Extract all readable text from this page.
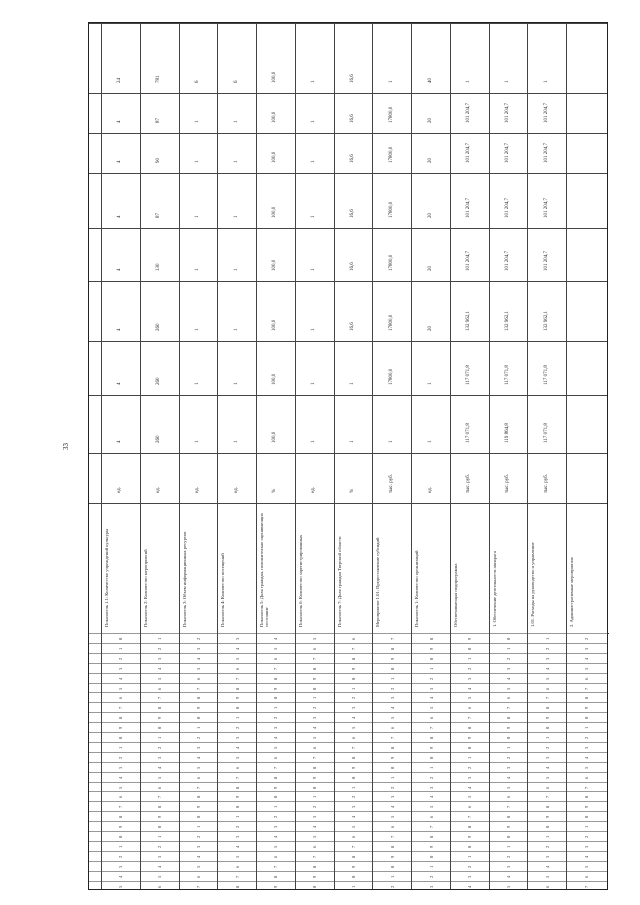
33
24
4
4
4
4
4
4
4
ед.
Показатель 1.1: Количество учреждений культуры
0
1
2
3
4
5
6
7
8
9
0
1
2
3
4
5
6
7
8
9
0
1
2
3
4
5
781
87
90
87
130
260
260
260
ед.
Показатель 2: Количество мероприятий
1
2
3
4
5
6
7
8
9
0
1
2
3
4
5
6
7
8
9
0
1
2
3
4
5
6
6
1
1
1
1
1
1
1
ед.
Показатель 3: Объем информационных ресурсов
2
3
4
5
6
7
8
9
0
1
2
3
4
5
6
7
8
9
0
1
2
3
4
5
6
7
6
1
1
1
1
1
1
1
ед.
Показатель 4: Количество посещений
3
4
5
6
7
8
9
0
1
2
3
4
5
6
7
8
9
0
1
2
3
4
5
6
7
8
100,0
100,0
100,0
100,0
100,0
100,0
100,0
100,0
%
Показатель 5: Доля граждан, положительно оценивающих состояние
4
5
6
7
8
9
0
1
2
3
4
5
6
7
8
9
0
1
2
3
4
5
6
7
8
9
1
1
1
1
1
1
1
1
ед.
Показатель 6: Количество зарегистрированных
5
6
7
8
9
0
1
2
3
4
5
6
7
8
9
0
1
2
3
4
5
6
7
8
9
0
16,6
16,6
16,6
16,6
16,6
16,6
1
1
%
Показатель 7: Доля граждан Тверской области
6
7
8
9
0
1
2
3
4
5
6
7
8
9
0
1
2
3
4
5
6
7
8
9
0
1
1
17800,0
17800,0
17800,0
17800,0
17800,0
17800,0
1
тыс. руб.
Мероприятие 1.01: Предоставление субсидий
7
8
9
0
1
2
3
4
5
6
7
8
9
0
1
2
3
4
5
6
7
8
9
0
1
2
40
20
20
20
20
20
1
1
ед.
Показатель 1: Количество организаций
8
9
0
1
2
3
4
5
6
7
8
9
0
1
2
3
4
5
6
7
8
9
0
1
2
3
1
101 204,7
101 204,7
101 204,7
101 204,7
132 962,1
117 071,8
117 071,8
тыс. руб.
Обеспечивающая подпрограмма
9
0
1
2
3
4
5
6
7
8
9
0
1
2
3
4
5
6
7
8
9
0
1
2
3
4
1
101 204,7
101 204,7
101 204,7
101 204,7
132 962,1
117 071,8
119 864,8
тыс. руб.
1. Обеспечение деятельности аппарата
0
1
2
3
4
5
6
7
8
9
0
1
2
3
4
5
6
7
8
9
0
1
2
3
4
5
1
101 204,7
101 204,7
101 204,7
101 204,7
132 962,1
117 071,8
117 071,8
тыс. руб.
1.01. Расходы на руководство и управление
1
2
3
4
5
6
7
8
9
0
1
2
3
4
5
6
7
8
9
0
1
2
3
4
5
6
2. Административные мероприятия
2
3
4
5
6
7
8
9
0
1
2
3
4
5
6
7
8
9
0
1
2
3
4
5
6
7
